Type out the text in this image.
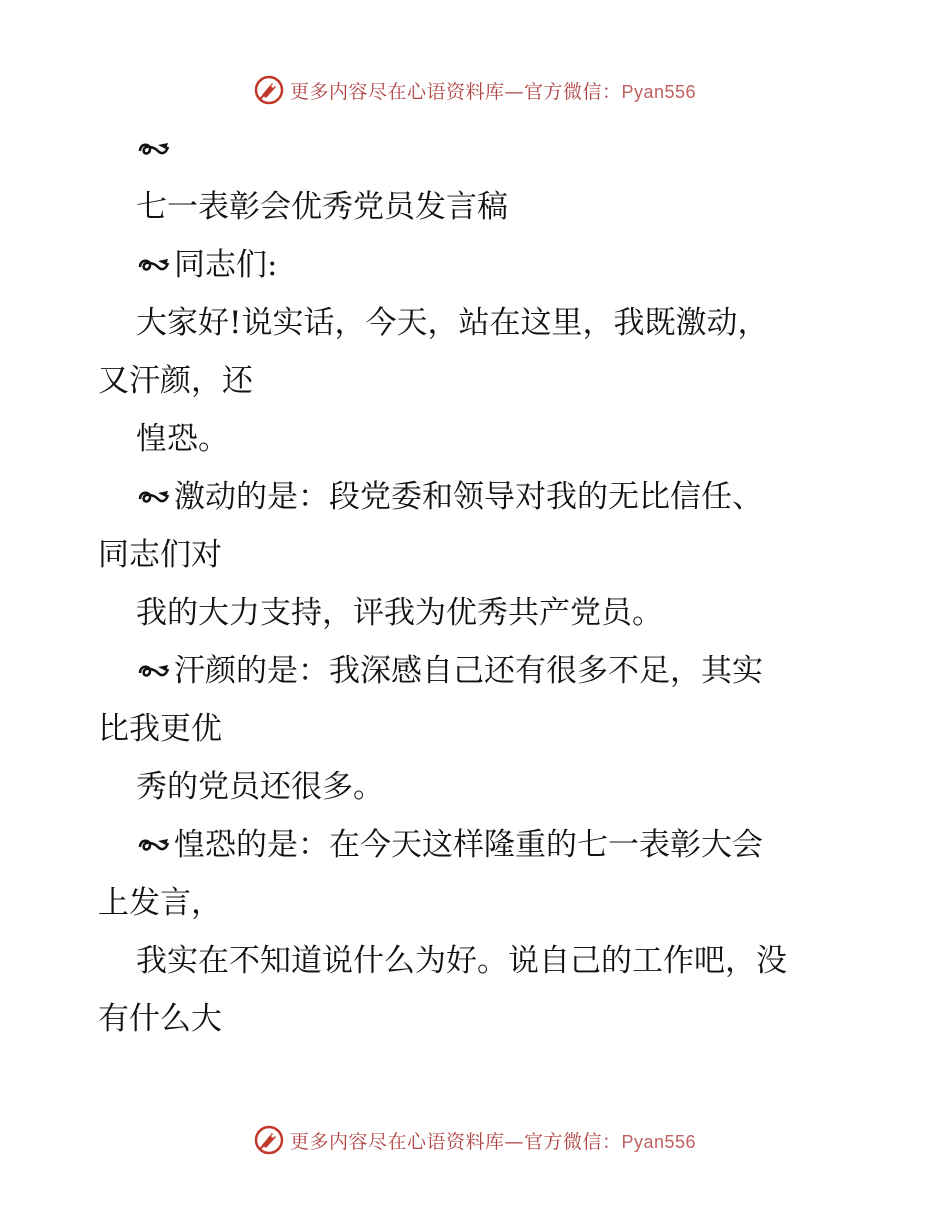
更多内容尽在心语资料库—官方微信：Pyan556
七一表彰会优秀党员发言稿
同志们:
大家好!说实话，今天，站在这里，我既激动，
又汗颜，还
惶恐。
激动的是：段党委和领导对我的无比信任、
同志们对
我的大力支持，评我为优秀共产党员。
汗颜的是：我深感自己还有很多不足，其实
比我更优
秀的党员还很多。
惶恐的是：在今天这样隆重的七一表彰大会
上发言，
我实在不知道说什么为好。说自己的工作吧，没
有什么大
更多内容尽在心语资料库—官方微信：Pyan556
